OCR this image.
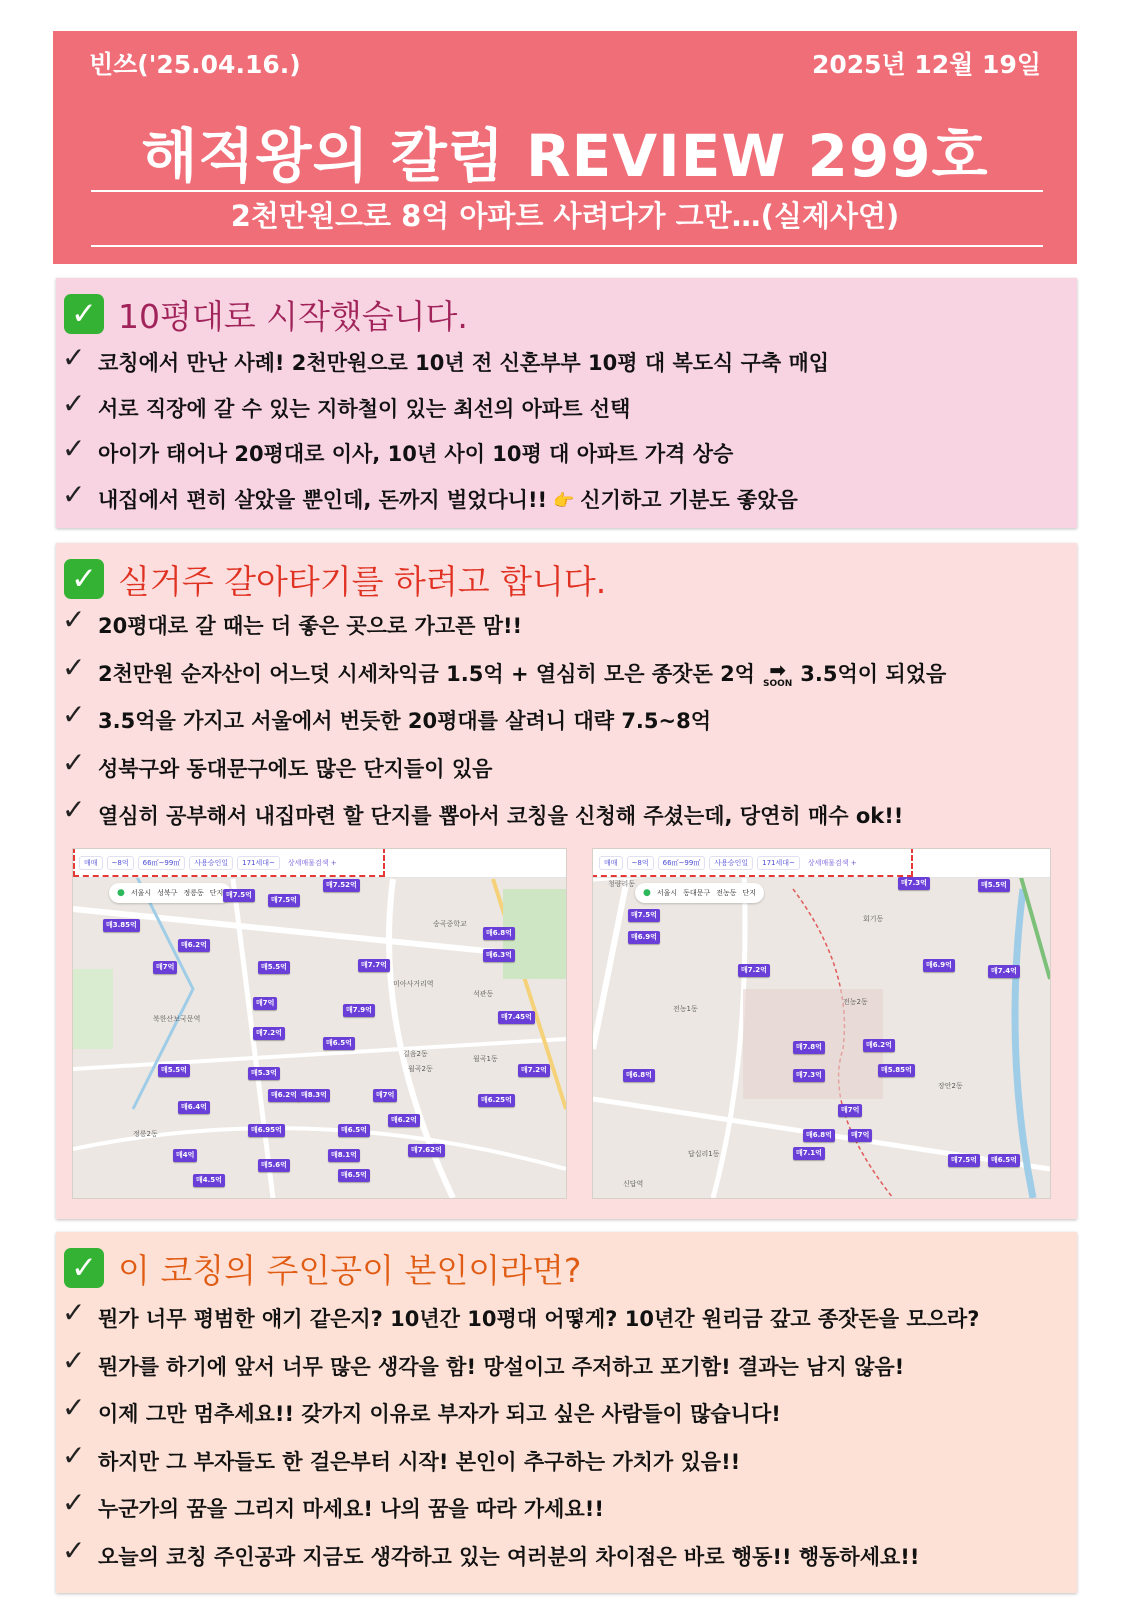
빈쓰('25.04.16.)	2025년 12월 19일
해적왕의 칼럼 REVIEW 299호
2천만원으로 8억 아파트 사려다가 그만…(실제사연)
✓ 10평대로 시작했습니다.
✓ 코칭에서 만난 사례! 2천만원으로 10년 전 신혼부부 10평 대 복도식 구축 매입
✓ 서로 직장에 갈 수 있는 지하철이 있는 최선의 아파트 선택
✓ 아이가 태어나 20평대로 이사, 10년 사이 10평 대 아파트 가격 상승
✓ 내집에서 편히 살았을 뿐인데, 돈까지 벌었다니!! 👉 신기하고 기분도 좋았음
✓ 실거주 갈아타기를 하려고 합니다.
✓ 20평대로 갈 때는 더 좋은 곳으로 가고픈 맘!!
✓ 2천만원 순자산이 어느덧 시세차익금 1.5억 + 열심히 모은 종잣돈 2억 ➡
SOON 3.5억이 되었음
✓ 3.5억을 가지고 서울에서 번듯한 20평대를 살려니 대략 7.5~8억
✓ 성북구와 동대문구에도 많은 단지들이 있음
✓ 열심히 공부해서 내집마련 할 단지를 뽑아서 코칭을 신청해 주셨는데, 당연히 매수 ok!!
매매	~8억	66㎡~99㎡	사용승인일	171세대~	상세매물검색 +
● 서울시 성북구 정릉동 단지
숭곡중학교
석관동
월곡2동
길음2동
북한산보국문역
미아사거리역
정릉2동
월곡1동
매7.5억
매6.2억
매7억	매5.5억	매7.7억
매6.8억
매6.3억
매7.45억
매7.2억
매6.5억
매7억
매7.9억
매5.5억	매5.3억
매6.2억 매8.3억
매6.4억
매6.95억	매6.5억
매7.62억
매8.1억
매5.6억
매6.5억
매6.25억
매7억
매6.2억
매7.2억
매3.85억
매4억
매7.52억
매4.5억
매7.5억
매매	~8억	66㎡~99㎡	사용승인일	171세대~	상세매물검색 +
● 서울시 동대문구 전농동 단지
청량리동
회기동
전농2동
답십리1동
장안2동
전농1동
신답역
매7.3억	매5.5억
매7.5억
매6.9억
매7.2억
매6.9억
매7.4억
매6.2억
매7.8억
매5.85억
매6.8억	매7.3억
매7억
매6.8억	매7억
매7.1억
매7.5억	매6.5억
✓ 이 코칭의 주인공이 본인이라면?
✓ 뭔가 너무 평범한 얘기 같은지? 10년간 10평대 어떻게? 10년간 원리금 갚고 종잣돈을 모으라?
✓ 뭔가를 하기에 앞서 너무 많은 생각을 함! 망설이고 주저하고 포기함! 결과는 남지 않음!
✓ 이제 그만 멈추세요!! 갖가지 이유로 부자가 되고 싶은 사람들이 많습니다!
✓ 하지만 그 부자들도 한 걸은부터 시작! 본인이 추구하는 가치가 있음!!
✓ 누군가의 꿈을 그리지 마세요! 나의 꿈을 따라 가세요!!
✓ 오늘의 코칭 주인공과 지금도 생각하고 있는 여러분의 차이점은 바로 행동!! 행동하세요!!
